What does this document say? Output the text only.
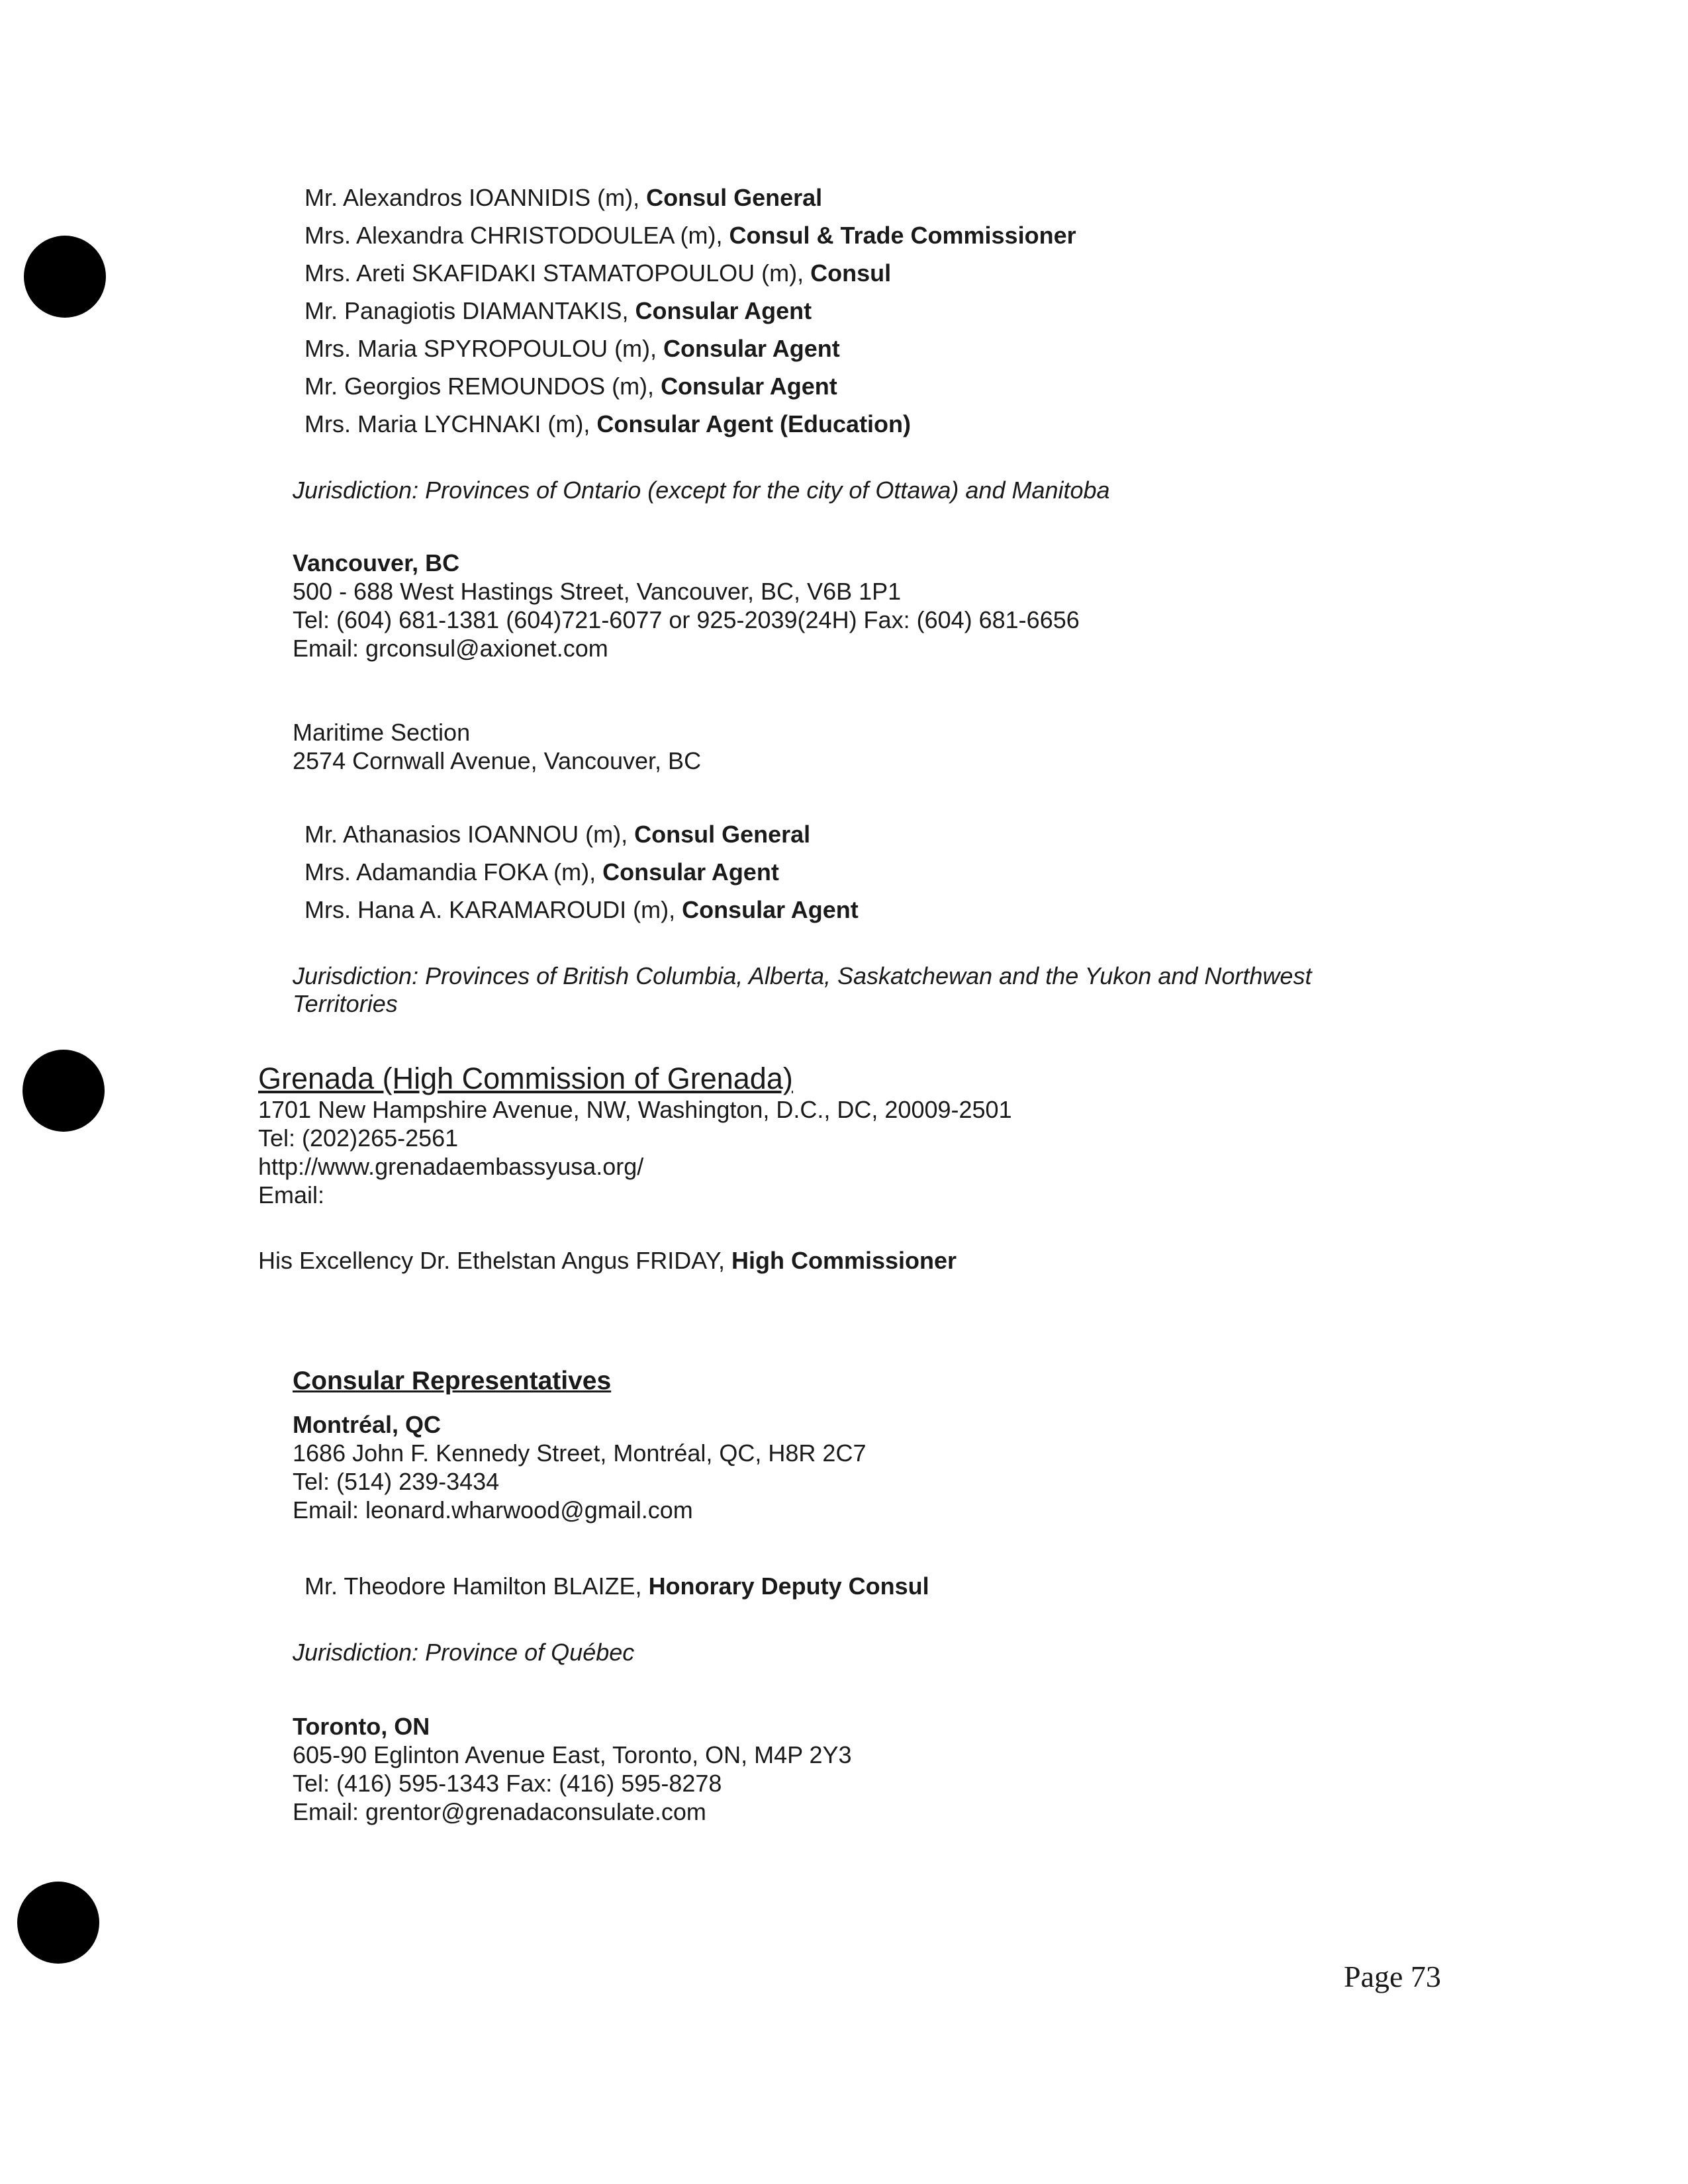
Mr. Alexandros IOANNIDIS (m), Consul General
Mrs. Alexandra CHRISTODOULEA (m), Consul & Trade Commissioner
Mrs. Areti SKAFIDAKI STAMATOPOULOU (m), Consul
Mr. Panagiotis DIAMANTAKIS, Consular Agent
Mrs. Maria SPYROPOULOU (m), Consular Agent
Mr. Georgios REMOUNDOS (m), Consular Agent
Mrs. Maria LYCHNAKI (m), Consular Agent (Education)
Jurisdiction: Provinces of Ontario (except for the city of Ottawa) and Manitoba
Vancouver, BC
500 - 688 West Hastings Street, Vancouver, BC, V6B 1P1
Tel: (604) 681-1381 (604)721-6077 or 925-2039(24H) Fax: (604) 681-6656
Email: grconsul@axionet.com
Maritime Section
2574 Cornwall Avenue, Vancouver, BC
Mr. Athanasios IOANNOU (m), Consul General
Mrs. Adamandia FOKA (m), Consular Agent
Mrs. Hana A. KARAMAROUDI (m), Consular Agent
Jurisdiction: Provinces of British Columbia, Alberta, Saskatchewan and the Yukon and Northwest
Territories
Grenada (High Commission of Grenada)
1701 New Hampshire Avenue, NW, Washington, D.C., DC, 20009-2501
Tel: (202)265-2561
http://www.grenadaembassyusa.org/
Email:
His Excellency Dr. Ethelstan Angus FRIDAY, High Commissioner
Consular Representatives
Montréal, QC
1686 John F. Kennedy Street, Montréal, QC, H8R 2C7
Tel: (514) 239-3434
Email: leonard.wharwood@gmail.com
Mr. Theodore Hamilton BLAIZE, Honorary Deputy Consul
Jurisdiction: Province of Québec
Toronto, ON
605-90 Eglinton Avenue East, Toronto, ON, M4P 2Y3
Tel: (416) 595-1343 Fax: (416) 595-8278
Email: grentor@grenadaconsulate.com
Page 73
